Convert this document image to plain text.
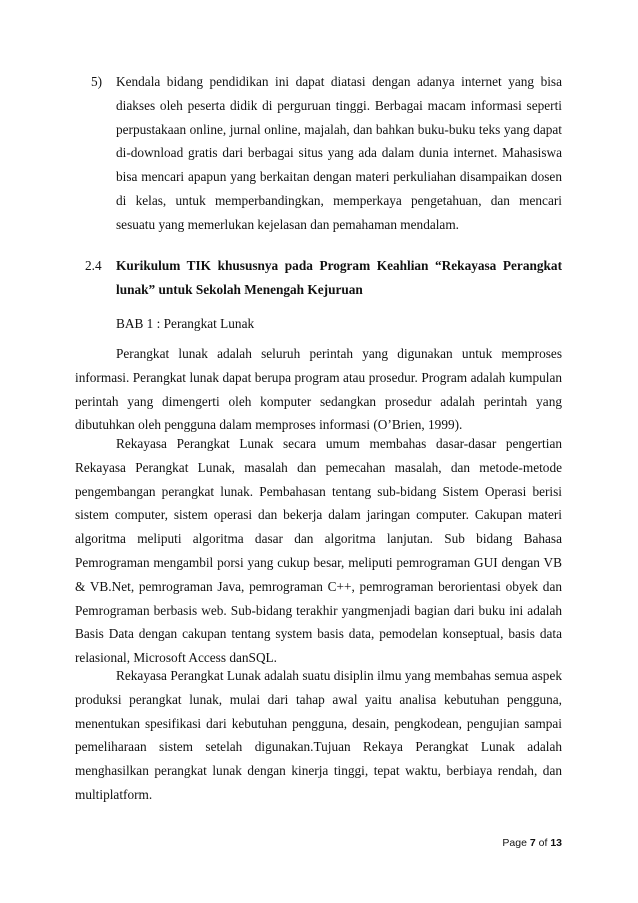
5) Kendala bidang pendidikan ini dapat diatasi dengan adanya internet yang bisa diakses oleh peserta didik di perguruan tinggi. Berbagai macam informasi seperti perpustakaan online, jurnal online, majalah, dan bahkan buku-buku teks yang dapat di-download gratis dari berbagai situs yang ada dalam dunia internet. Mahasiswa bisa mencari apapun yang berkaitan dengan materi perkuliahan disampaikan dosen di kelas, untuk memperbandingkan, memperkaya pengetahuan, dan mencari sesuatu yang memerlukan kejelasan dan pemahaman mendalam.
2.4 Kurikulum TIK khususnya pada Program Keahlian “Rekayasa Perangkat lunak” untuk Sekolah Menengah Kejuruan
BAB 1 : Perangkat Lunak

Perangkat lunak adalah seluruh perintah yang digunakan untuk memproses informasi. Perangkat lunak dapat berupa program atau prosedur. Program adalah kumpulan perintah yang dimengerti oleh komputer sedangkan prosedur adalah perintah yang dibutuhkan oleh pengguna dalam memproses informasi (O’Brien, 1999).

Rekayasa Perangkat Lunak secara umum membahas dasar-dasar pengertian Rekayasa Perangkat Lunak, masalah dan pemecahan masalah, dan metode-metode pengembangan perangkat lunak. Pembahasan tentang sub-bidang Sistem Operasi berisi sistem computer, sistem operasi dan bekerja dalam jaringan computer. Cakupan materi algoritma meliputi algoritma dasar dan algoritma lanjutan. Sub bidang Bahasa Pemrograman mengambil porsi yang cukup besar, meliputi pemrograman GUI dengan VB & VB.Net, pemrograman Java, pemrograman C++, pemrograman berorientasi obyek dan Pemrograman berbasis web. Sub-bidang terakhir yangmenjadi bagian dari buku ini adalah Basis Data dengan cakupan tentang system basis data, pemodelan konseptual, basis data relasional, Microsoft Access danSQL.

Rekayasa Perangkat Lunak adalah suatu disiplin ilmu yang membahas semua aspek produksi perangkat lunak, mulai dari tahap awal yaitu analisa kebutuhan pengguna, menentukan spesifikasi dari kebutuhan pengguna, desain, pengkodean, pengujian sampai pemeliharaan sistem setelah digunakan.Tujuan Rekaya Perangkat Lunak adalah menghasilkan perangkat lunak dengan kinerja tinggi, tepat waktu, berbiaya rendah, dan multiplatform.

Page 7 of 13
